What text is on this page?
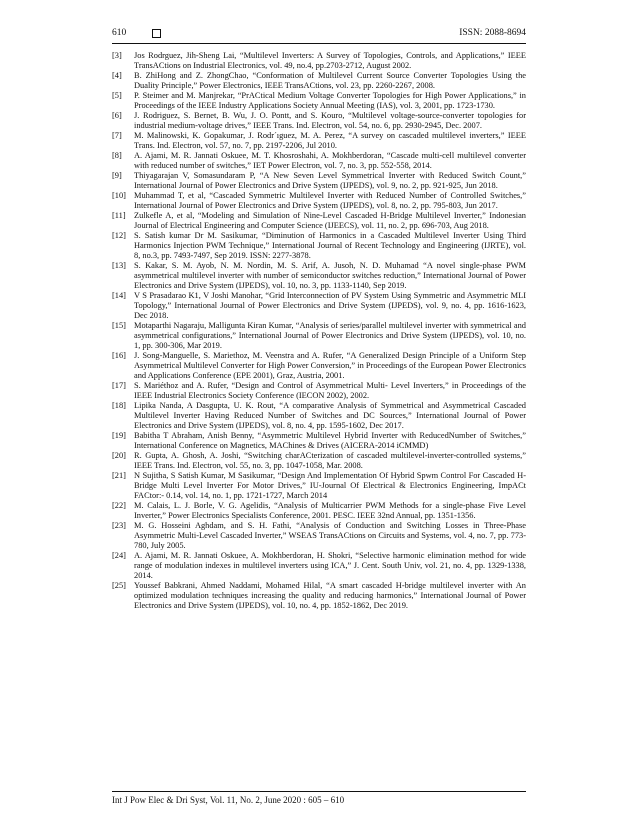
610	ISSN: 2088-8694
[3] Jos Rodrguez, Jih-Sheng Lai, “Multilevel Inverters: A Survey of Topologies, Controls, and Applications,” IEEE TransACtions on Industrial Electronics, vol. 49, no.4, pp.2703-2712, August 2002.
[4] B. ZhiHong and Z. ZhongChao, “Conformation of Multilevel Current Source Converter Topologies Using the Duality Principle,” Power Electronics, IEEE TransACtions, vol. 23, pp. 2260-2267, 2008.
[5] P. Steimer and M. Manjrekar, “PrACtical Medium Voltage Converter Topologies for High Power Applications,” in Proceedings of the IEEE Industry Applications Society Annual Meeting (IAS), vol. 3, 2001, pp. 1723-1730.
[6] J. Rodriguez, S. Bernet, B. Wu, J. O. Pontt, and S. Kouro, “Multilevel voltage-source-converter topologies for industrial medium-voltage drives,” IEEE Trans. Ind. Electron, vol. 54, no. 6, pp. 2930-2945, Dec. 2007.
[7] M. Malinowski, K. Gopakumar, J. Rodr´ıguez, M. A. Perez, “A survey on cascaded multilevel inverters,” IEEE Trans. Ind. Electron, vol. 57, no. 7, pp. 2197-2206, Jul 2010.
[8] A. Ajami, M. R. Jannati Oskuee, M. T. Khosroshahi, A. Mokhberdoran, “Cascade multi-cell multilevel converter with reduced number of switches,” IET Power Electron, vol. 7, no. 3, pp. 552-558, 2014.
[9] Thiyagarajan V, Somasundaram P, “A New Seven Level Symmetrical Inverter with Reduced Switch Count,” International Journal of Power Electronics and Drive System (IJPEDS), vol. 9, no. 2, pp. 921-925, Jun 2018.
[10] Muhammad T, et al, “Cascaded Symmetric Multilevel Inverter with Reduced Number of Controlled Switches,” International Journal of Power Electronics and Drive System (IJPEDS), vol. 8, no. 2, pp. 795-803, Jun 2017.
[11] Zulkefle A, et al, “Modeling and Simulation of Nine-Level Cascaded H-Bridge Multilevel Inverter,” Indonesian Journal of Electrical Engineering and Computer Science (IJEECS), vol. 11, no. 2, pp. 696-703, Aug 2018.
[12] S. Satish kumar Dr M. Sasikumar, “Diminution of Harmonics in a Cascaded Multilevel Inverter Using Third Harmonics Injection PWM Technique,” International Journal of Recent Technology and Engineering (IJRTE), vol. 8, no.3, pp. 7493-7497, Sep 2019. ISSN: 2277-3878.
[13] S. Kakar, S. M. Ayob, N. M. Nordin, M. S. Arif, A. Jusoh, N. D. Muhamad “A novel single-phase PWM asymmetrical multilevel inverter with number of semiconductor switches reduction,” International Journal of Power Electronics and Drive System (IJPEDS), vol. 10, no. 3, pp. 1133-1140, Sep 2019.
[14] V S Prasadarao K1, V Joshi Manohar, “Grid Interconnection of PV System Using Symmetric and Asymmetric MLI Topology,” International Journal of Power Electronics and Drive System (IJPEDS), vol. 9, no. 4, pp. 1616-1623, Dec 2018.
[15] Motaparthi Nagaraju, Malligunta Kiran Kumar, “Analysis of series/parallel multilevel inverter with symmetrical and asymmetrical configurations,” International Journal of Power Electronics and Drive System (IJPEDS), vol. 10, no. 1, pp. 300-306, Mar 2019.
[16] J. Song-Manguelle, S. Mariethoz, M. Veenstra and A. Rufer, “A Generalized Design Principle of a Uniform Step Asymmetrical Multilevel Converter for High Power Conversion,” in Proceedings of the European Power Electronics and Applications Conference (EPE 2001), Graz, Austria, 2001.
[17] S. Mariéthoz and A. Rufer, “Design and Control of Asymmetrical Multi- Level Inverters,” in Proceedings of the IEEE Industrial Electronics Society Conference (IECON 2002), 2002.
[18] Lipika Nanda, A Dasgupta, U. K. Rout, “A comparative Analysis of Symmetrical and Asymmetrical Cascaded Multilevel Inverter Having Reduced Number of Switches and DC Sources,” International Journal of Power Electronics and Drive System (IJPEDS), vol. 8, no. 4, pp. 1595-1602, Dec 2017.
[19] Babitha T Abraham, Anish Benny, “Asymmetric Multilevel Hybrid Inverter with ReducedNumber of Switches,” International Conference on Magnetics, MAChines & Drives (AICERA-2014 iCMMD)
[20] R. Gupta, A. Ghosh, A. Joshi, “Switching charACterization of cascaded multilevel-inverter-controlled systems,” IEEE Trans. Ind. Electron, vol. 55, no. 3, pp. 1047-1058, Mar. 2008.
[21] N Sujitha, S Satish Kumar, M Sasikumar, “Design And Implementation Of Hybrid Spwm Control For Cascaded H-Bridge Multi Level Inverter For Motor Drives,” IU-Journal Of Electrical & Electronics Engineering, ImpACt FACtor:- 0.14, vol. 14, no. 1, pp. 1721-1727, March 2014
[22] M. Calais, L. J. Borle, V. G. Agelidis, “Analysis of Multicarrier PWM Methods for a single-phase Five Level Inverter,” Power Electronics Specialists Conference, 2001. PESC. IEEE 32nd Annual, pp. 1351-1356.
[23] M. G. Hosseini Aghdam, and S. H. Fathi, “Analysis of Conduction and Switching Losses in Three-Phase Asymmetric Multi-Level Cascaded Inverter,” WSEAS TransACtions on Circuits and Systems, vol. 4, no. 7, pp. 773-780, July 2005.
[24] A. Ajami, M. R. Jannati Oskuee, A. Mokhberdoran, H. Shokri, “Selective harmonic elimination method for wide range of modulation indexes in multilevel inverters using ICA,” J. Cent. South Univ, vol. 21, no. 4, pp. 1329-1338, 2014.
[25] Youssef Babkrani, Ahmed Naddami, Mohamed Hilal, “A smart cascaded H-bridge multilevel inverter with An optimized modulation techniques increasing the quality and reducing harmonics,” International Journal of Power Electronics and Drive System (IJPEDS), vol. 10, no. 4, pp. 1852-1862, Dec 2019.
Int J Pow Elec & Dri Syst, Vol. 11, No. 2, June 2020 : 605 – 610
